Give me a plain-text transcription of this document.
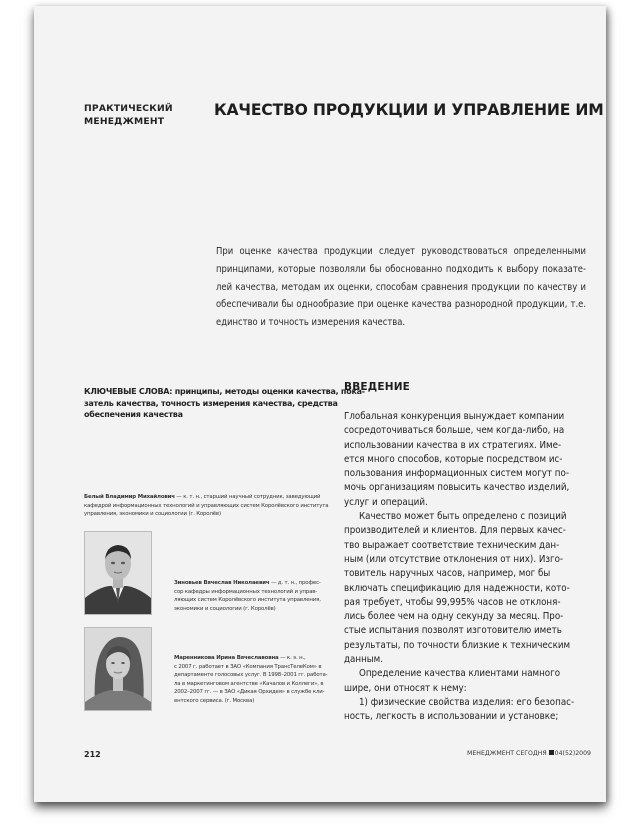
ПРАКТИЧЕСКИЙ
МЕНЕДЖМЕНТ
КАЧЕСТВО ПРОДУКЦИИ И УПРАВЛЕНИЕ ИМ
При оценке качества продукции следует руководствоваться определенными
принципами, которые позволяли бы обоснованно подходить к выбору показате-
лей качества, методам их оценки, способам сравнения продукции по качеству и
обеспечивали бы однообразие при оценке качества разнородной продукции, т.е.
единство и точность измерения качества.
КЛЮЧЕВЫЕ СЛОВА: принципы, методы оценки качества, пока-
затель качества, точность измерения качества, средства
обеспечения качества
Белый Владимир Михайлович — к. т. н., старший научный сотрудник, заведующий
кафедрой информационных технологий и управляющих систем Королёвского института
управления, экономики и социологии (г. Королёв)
Зиновьев Вячеслав Николаевич — д. т. н., профес-
сор кафедры информационных технологий и управ-
ляющих систем Королёвского института управления,
экономики и социологии (г. Королёв)
Маренникова Ирина Вячеславовна — к. э. н.,
с 2007 г. работает в ЗАО «Компания ТрансТелеКом» в
департаменте голосовых услуг. В 1998–2001 гг. работа-
ла в маркетинговом агентстве «Качалов и Коллеги», в
2002–2007 гг. — в ЗАО «Дикая Орхидея» в службе кли-
ентского сервиса. (г. Москва)
ВВЕДЕНИЕ
Глобальная конкуренция вынуждает компании
сосредоточиваться больше, чем когда-либо, на
использовании качества в их стратегиях. Име-
ется много способов, которые посредством ис-
пользования информационных систем могут по-
мочь организациям повысить качество изделий,
услуг и операций.
Качество может быть определено с позиций
производителей и клиентов. Для первых качес-
тво выражает соответствие техническим дан-
ным (или отсутствие отклонения от них). Изго-
товитель наручных часов, например, мог бы
включать спецификацию для надежности, кото-
рая требует, чтобы 99,995% часов не отклоня-
лись более чем на одну секунду за месяц. Про-
стые испытания позволят изготовителю иметь
результаты, по точности близкие к техническим
данным.
Определение качества клиентами намного
шире, они относят к нему:
1) физические свойства изделия: его безопас-
ность, легкость в использовании и установке;
212	МЕНЕДЖМЕНТ СЕГОДНЯ 04(52)2009
